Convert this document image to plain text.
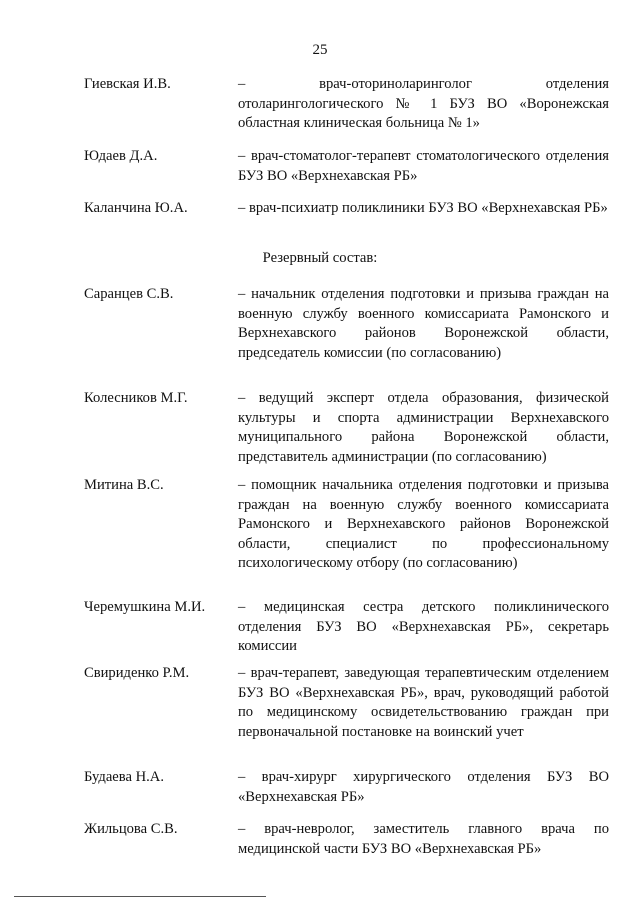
25
Гиевская И.В.	– врач-оториноларинголог отделения отоларингологического № 1 БУЗ ВО «Воронежская областная клиническая больница № 1»
Юдаев Д.А.	– врач-стоматолог-терапевт стоматологического отделения БУЗ ВО «Верхнехавская РБ»
Каланчина Ю.А.	– врач-психиатр поликлиники БУЗ ВО «Верхнехавская РБ»
Резервный состав:
Саранцев С.В.	– начальник отделения подготовки и призыва граждан на военную службу военного комиссариата Рамонского и Верхнехавского районов Воронежской области, председатель комиссии (по согласованию)
Колесников М.Г.	– ведущий эксперт отдела образования, физической культуры и спорта администрации Верхнехавского муниципального района Воронежской области, представитель администрации (по согласованию)
Митина В.С.	– помощник начальника отделения подготовки и призыва граждан на военную службу военного комиссариата Рамонского и Верхнехавского районов Воронежской области, специалист по профессиональному психологическому отбору (по согласованию)
Черемушкина М.И.	– медицинская сестра детского поликлинического отделения БУЗ ВО «Верхнехавская РБ», секретарь комиссии
Свириденко Р.М.	– врач-терапевт, заведующая терапевтическим отделением БУЗ ВО «Верхнехавская РБ», врач, руководящий работой по медицинскому освидетельствованию граждан при первоначальной постановке на воинский учет
Будаева Н.А.	– врач-хирург хирургического отделения БУЗ ВО «Верхнехавская РБ»
Жильцова С.В.	– врач-невролог, заместитель главного врача по медицинской части БУЗ ВО «Верхнехавская РБ»
